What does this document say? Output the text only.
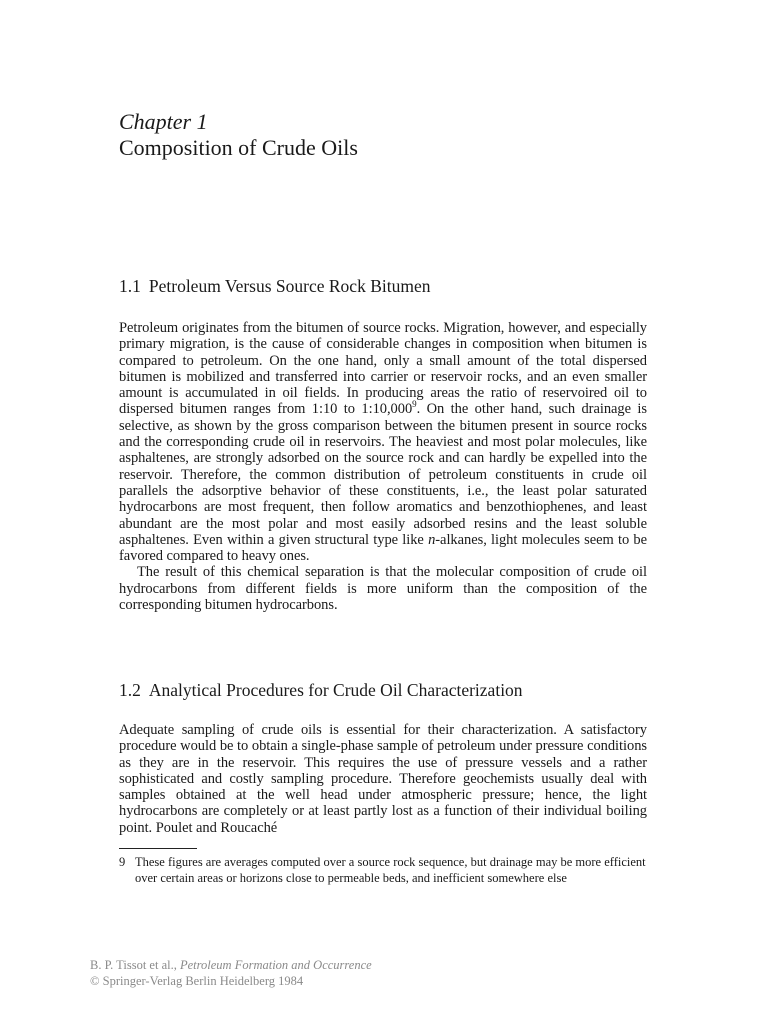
Chapter 1
Composition of Crude Oils
1.1 Petroleum Versus Source Rock Bitumen

Petroleum originates from the bitumen of source rocks. Migration, however, and especially primary migration, is the cause of considerable changes in composition when bitumen is compared to petroleum. On the one hand, only a small amount of the total dispersed bitumen is mobilized and transferred into carrier or reservoir rocks, and an even smaller amount is accumulated in oil fields. In producing areas the ratio of reservoired oil to dispersed bitumen ranges from 1:10 to 1:10,000$^9$. On the other hand, such drainage is selective, as shown by the gross comparison between the bitumen present in source rocks and the corresponding crude oil in reservoirs. The heaviest and most polar molecules, like asphaltenes, are strongly adsorbed on the source rock and can hardly be expelled into the reservoir. Therefore, the common distribution of petroleum constituents in crude oil parallels the adsorptive behavior of these constituents, i.e., the least polar saturated hydrocarbons are most frequent, then follow aromatics and benzothiophenes, and least abundant are the most polar and most easily adsorbed resins and the least soluble asphaltenes. Even within a given structural type like n-alkanes, light molecules seem to be favored compared to heavy ones.

The result of this chemical separation is that the molecular composition of crude oil hydrocarbons from different fields is more uniform than the composition of the corresponding bitumen hydrocarbons.

1.2 Analytical Procedures for Crude Oil Characterization

Adequate sampling of crude oils is essential for their characterization. A satisfactory procedure would be to obtain a single-phase sample of petroleum under pressure conditions as they are in the reservoir. This requires the use of pressure vessels and a rather sophisticated and costly sampling procedure. Therefore geochemists usually deal with samples obtained at the well head under atmospheric pressure; hence, the light hydrocarbons are completely or at least partly lost as a function of their individual boiling point. Poulet and Roucaché

9 These figures are averages computed over a source rock sequence, but drainage may be more efficient over certain areas or horizons close to permeable beds, and inefficient somewhere else
B. P. Tissot et al., Petroleum Formation and Occurrence
© Springer-Verlag Berlin Heidelberg 1984
